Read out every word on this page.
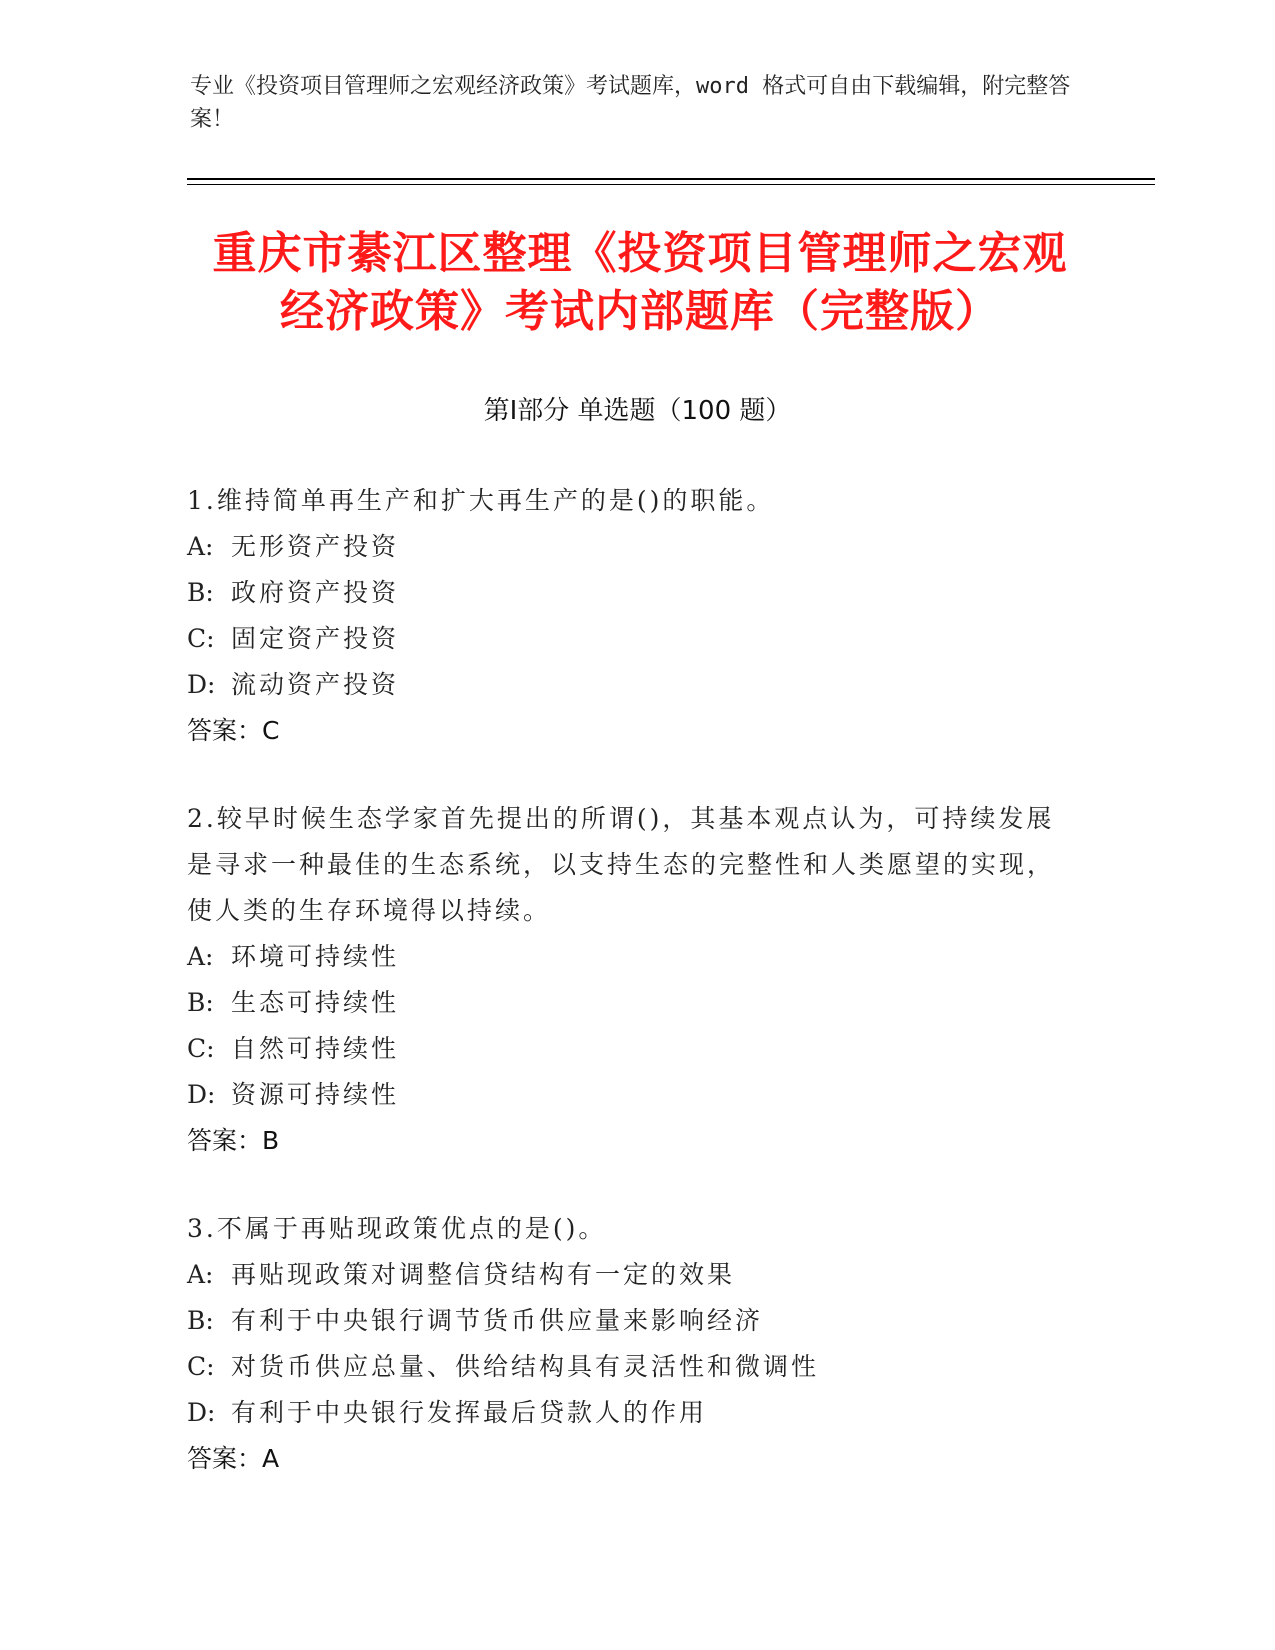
专业《投资项目管理师之宏观经济政策》考试题库，word 格式可自由下载编辑，附完整答案！
重庆市綦江区整理《投资项目管理师之宏观
经济政策》考试内部题库（完整版）
第Ⅰ部分 单选题（100 题）
1.维持简单再生产和扩大再生产的是()的职能。
A: 无形资产投资
B: 政府资产投资
C: 固定资产投资
D: 流动资产投资
答案：C
2.较早时候生态学家首先提出的所谓()，其基本观点认为，可持续发展是寻求一种最佳的生态系统，以支持生态的完整性和人类愿望的实现，使人类的生存环境得以持续。
A: 环境可持续性
B: 生态可持续性
C: 自然可持续性
D: 资源可持续性
答案：B
3.不属于再贴现政策优点的是()。
A: 再贴现政策对调整信贷结构有一定的效果
B: 有利于中央银行调节货币供应量来影响经济
C: 对货币供应总量、供给结构具有灵活性和微调性
D: 有利于中央银行发挥最后贷款人的作用
答案：A
